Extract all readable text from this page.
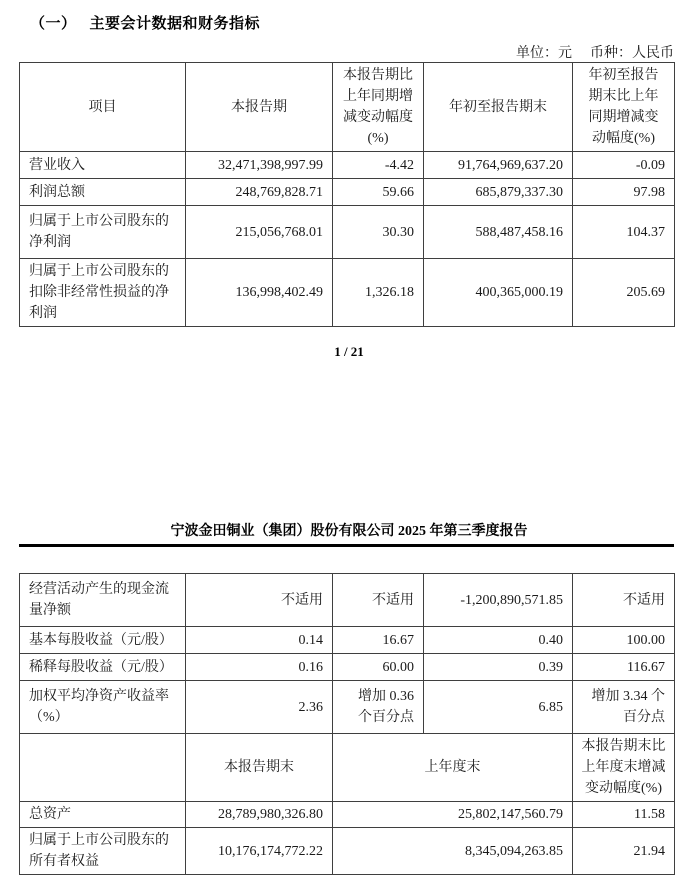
（一） 主要会计数据和财务指标
单位：元 币种：人民币
项目	本报告期	本报告期比上年同期增减变动幅度(%)	年初至报告期末	年初至报告期末比上年同期增减变动幅度(%)
营业收入	32,471,398,997.99	-4.42	91,764,969,637.20	-0.09
利润总额	248,769,828.71	59.66	685,879,337.30	97.98
归属于上市公司股东的净利润	215,056,768.01	30.30	588,487,458.16	104.37
归属于上市公司股东的扣除非经常性损益的净利润	136,998,402.49	1,326.18	400,365,000.19	205.69
1 / 21
宁波金田铜业（集团）股份有限公司 2025 年第三季度报告
经营活动产生的现金流量净额	不适用	不适用	-1,200,890,571.85	不适用
基本每股收益（元/股）	0.14	16.67	0.40	100.00
稀释每股收益（元/股）	0.16	60.00	0.39	116.67
加权平均净资产收益率（%）	2.36	增加 0.36 个百分点	6.85	增加 3.34 个百分点
	本报告期末	上年度末		本报告期末比上年度末增减变动幅度(%)
总资产	28,789,980,326.80	25,802,147,560.79		11.58
归属于上市公司股东的所有者权益	10,176,174,772.22	8,345,094,263.85		21.94
